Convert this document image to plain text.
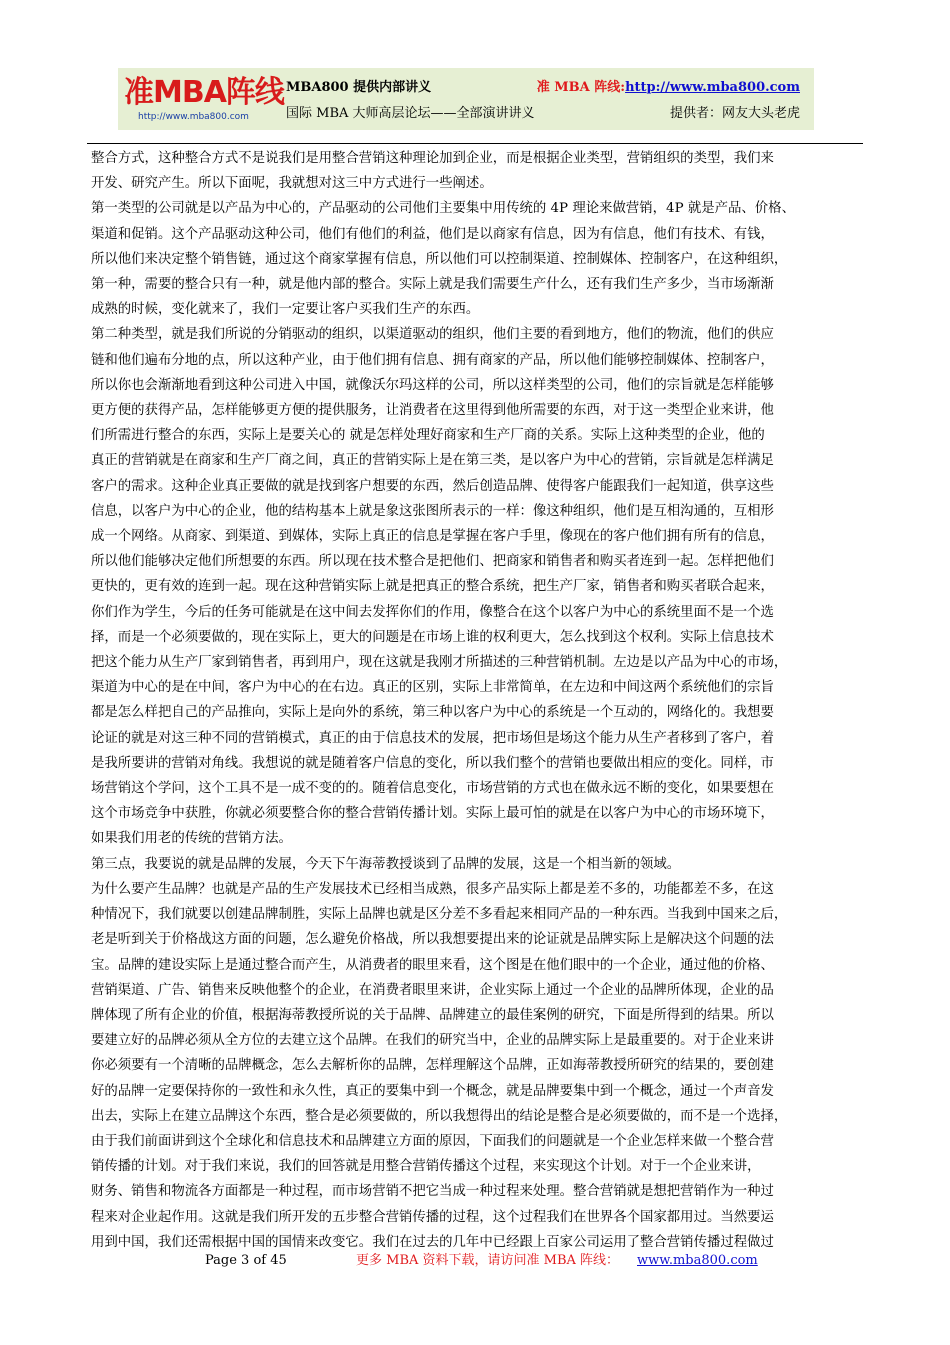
准MBA阵线
http://www.mba800.com
MBA800 提供内部讲义
国际 MBA 大师高层论坛——全部演讲讲义
准 MBA 阵线:http://www.mba800.com
提供者：网友大头老虎

整合方式，这种整合方式不是说我们是用整合营销这种理论加到企业，而是根据企业类型，营销组织的类型，我们来

开发、研究产生。所以下面呢，我就想对这三中方式进行一些阐述。

第一类型的公司就是以产品为中心的，产品驱动的公司他们主要集中用传统的 4P 理论来做营销，4P 就是产品、价格、

渠道和促销。这个产品驱动这种公司，他们有他们的利益，他们是以商家有信息，因为有信息，他们有技术、有钱，

所以他们来决定整个销售链，通过这个商家掌握有信息，所以他们可以控制渠道、控制媒体、控制客户，在这种组织，

第一种，需要的整合只有一种，就是他内部的整合。实际上就是我们需要生产什么，还有我们生产多少，当市场渐渐

成熟的时候，变化就来了，我们一定要让客户买我们生产的东西。

第二种类型，就是我们所说的分销驱动的组织，以渠道驱动的组织，他们主要的看到地方，他们的物流，他们的供应

链和他们遍布分地的点，所以这种产业，由于他们拥有信息、拥有商家的产品，所以他们能够控制媒体、控制客户，

所以你也会渐渐地看到这种公司进入中国，就像沃尔玛这样的公司，所以这样类型的公司，他们的宗旨就是怎样能够

更方便的获得产品，怎样能够更方便的提供服务，让消费者在这里得到他所需要的东西，对于这一类型企业来讲，他

们所需进行整合的东西，实际上是要关心的 就是怎样处理好商家和生产厂商的关系。实际上这种类型的企业，他的

真正的营销就是在商家和生产厂商之间，真正的营销实际上是在第三类，是以客户为中心的营销，宗旨就是怎样满足

客户的需求。这种企业真正要做的就是找到客户想要的东西，然后创造品牌、使得客户能跟我们一起知道，供享这些

信息，以客户为中心的企业，他的结构基本上就是象这张图所表示的一样：像这种组织，他们是互相沟通的，互相形

成一个网络。从商家、到渠道、到媒体，实际上真正的信息是掌握在客户手里，像现在的客户他们拥有所有的信息，

所以他们能够决定他们所想要的东西。所以现在技术整合是把他们、把商家和销售者和购买者连到一起。怎样把他们

更快的，更有效的连到一起。现在这种营销实际上就是把真正的整合系统，把生产厂家，销售者和购买者联合起来，

你们作为学生，今后的任务可能就是在这中间去发挥你们的作用，像整合在这个以客户为中心的系统里面不是一个选

择，而是一个必须要做的，现在实际上，更大的问题是在市场上谁的权利更大，怎么找到这个权利。实际上信息技术

把这个能力从生产厂家到销售者，再到用户，现在这就是我刚才所描述的三种营销机制。左边是以产品为中心的市场，

渠道为中心的是在中间，客户为中心的在右边。真正的区别，实际上非常简单，在左边和中间这两个系统他们的宗旨

都是怎么样把自己的产品推向，实际上是向外的系统，第三种以客户为中心的系统是一个互动的，网络化的。我想要

论证的就是对这三种不同的营销模式，真正的由于信息技术的发展，把市场但是场这个能力从生产者移到了客户，着

是我所要讲的营销对角线。我想说的就是随着客户信息的变化，所以我们整个的营销也要做出相应的变化。同样，市

场营销这个学问，这个工具不是一成不变的的。随着信息变化，市场营销的方式也在做永远不断的变化，如果要想在

这个市场竞争中获胜，你就必须要整合你的整合营销传播计划。实际上最可怕的就是在以客户为中心的市场环境下，

如果我们用老的传统的营销方法。

第三点，我要说的就是品牌的发展，今天下午海蒂教授谈到了品牌的发展，这是一个相当新的领域。

为什么要产生品牌？也就是产品的生产发展技术已经相当成熟，很多产品实际上都是差不多的，功能都差不多，在这

种情况下，我们就要以创建品牌制胜，实际上品牌也就是区分差不多看起来相同产品的一种东西。当我到中国来之后，

老是听到关于价格战这方面的问题，怎么避免价格战，所以我想要提出来的论证就是品牌实际上是解决这个问题的法

宝。品牌的建设实际上是通过整合而产生，从消费者的眼里来看，这个图是在他们眼中的一个企业，通过他的价格、

营销渠道、广告、销售来反映他整个的企业，在消费者眼里来讲，企业实际上通过一个企业的品牌所体现，企业的品

牌体现了所有企业的价值，根据海蒂教授所说的关于品牌、品牌建立的最佳案例的研究，下面是所得到的结果。所以

要建立好的品牌必须从全方位的去建立这个品牌。在我们的研究当中，企业的品牌实际上是最重要的。对于企业来讲

你必须要有一个清晰的品牌概念，怎么去解析你的品牌，怎样理解这个品牌，正如海蒂教授所研究的结果的，要创建

好的品牌一定要保持你的一致性和永久性，真正的要集中到一个概念，就是品牌要集中到一个概念，通过一个声音发

出去，实际上在建立品牌这个东西，整合是必须要做的，所以我想得出的结论是整合是必须要做的，而不是一个选择，

由于我们前面讲到这个全球化和信息技术和品牌建立方面的原因，下面我们的问题就是一个企业怎样来做一个整合营

销传播的计划。对于我们来说，我们的回答就是用整合营销传播这个过程，来实现这个计划。对于一个企业来讲，

财务、销售和物流各方面都是一种过程，而市场营销不把它当成一种过程来处理。整合营销就是想把营销作为一种过

程来对企业起作用。这就是我们所开发的五步整合营销传播的过程，这个过程我们在世界各个国家都用过。当然要运

用到中国，我们还需根据中国的国情来改变它。我们在过去的几年中已经跟上百家公司运用了整合营销传播过程做过

Page 3 of 45	更多 MBA 资料下载，请访问准 MBA 阵线： www.mba800.com
